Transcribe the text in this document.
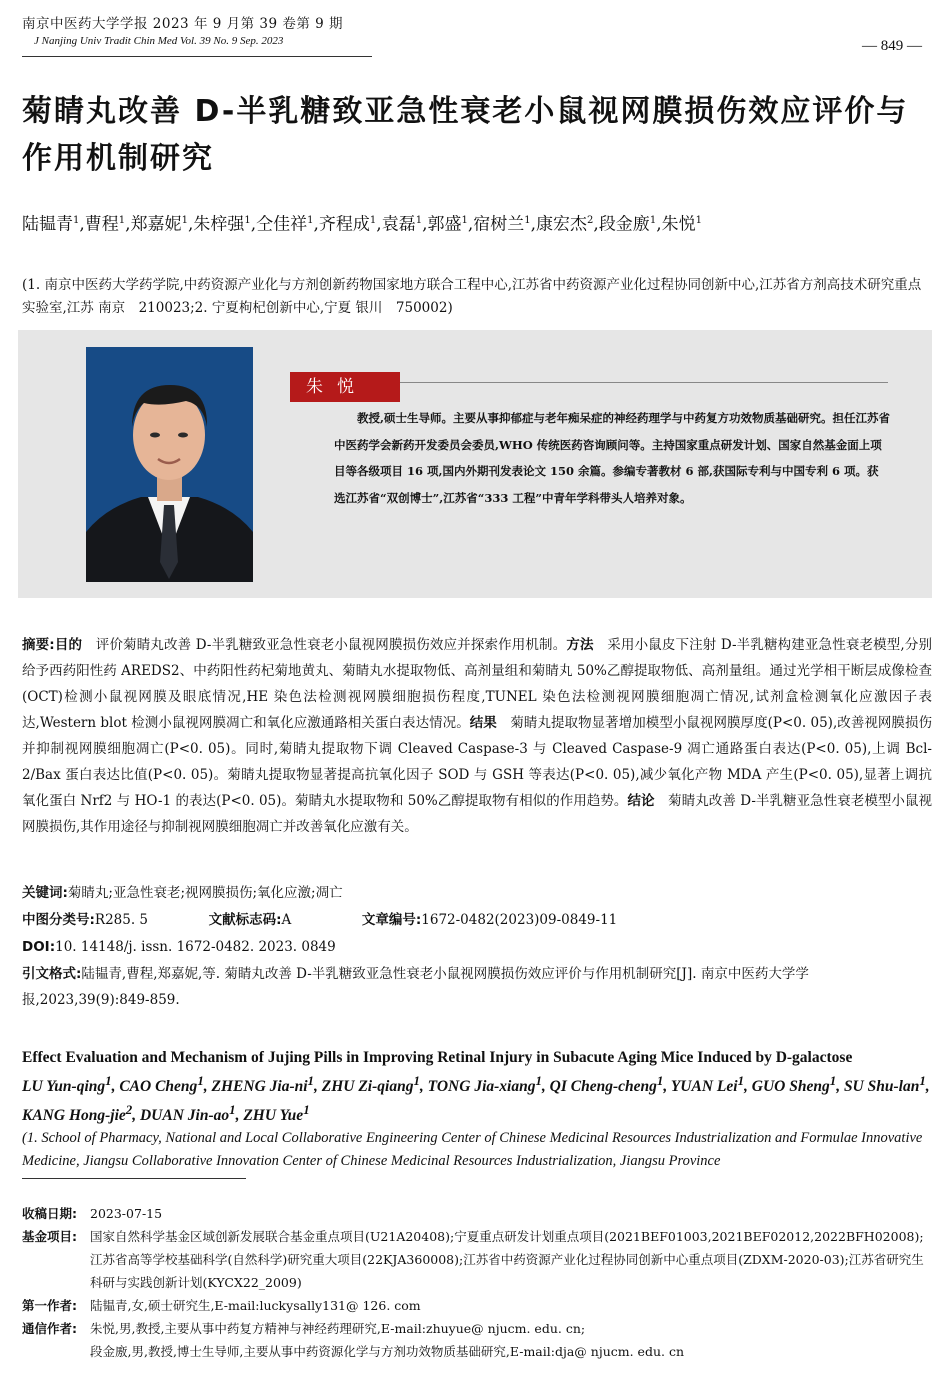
南京中医药大学学报 2023 年 9 月第 39 卷第 9 期
J Nanjing Univ Tradit Chin Med Vol. 39 No. 9 Sep. 2023	— 849 —
菊睛丸改善 D-半乳糖致亚急性衰老小鼠视网膜损伤效应评价与作用机制研究
陆韫青$^1$,曹程$^1$,郑嘉妮$^1$,朱梓强$^1$,仝佳祥$^1$,齐程成$^1$,袁磊$^1$,郭盛$^1$,宿树兰$^1$,康宏杰$^2$,段金廒$^1$,朱悦$^1$
(1. 南京中医药大学药学院,中药资源产业化与方剂创新药物国家地方联合工程中心,江苏省中药资源产业化过程协同创新中心,江苏省方剂高技术研究重点实验室,江苏 南京　210023;2. 宁夏枸杞创新中心,宁夏 银川　750002)
朱悦
教授,硕士生导师。主要从事抑郁症与老年痴呆症的神经药理学与中药复方功效物质基础研究。担任江苏省中医药学会新药开发委员会委员,WHO 传统医药咨询顾问等。主持国家重点研发计划、国家自然基金面上项目等各级项目 16 项,国内外期刊发表论文 150 余篇。参编专著教材 6 部,获国际专利与中国专利 6 项。获选江苏省“双创博士”,江苏省“333 工程”中青年学科带头人培养对象。
摘要:目的　评价菊睛丸改善 D-半乳糖致亚急性衰老小鼠视网膜损伤效应并探索作用机制。方法　采用小鼠皮下注射 D-半乳糖构建亚急性衰老模型,分别给予西药阳性药 AREDS2、中药阳性药杞菊地黄丸、菊睛丸水提取物低、高剂量组和菊睛丸 50%乙醇提取物低、高剂量组。通过光学相干断层成像检查(OCT)检测小鼠视网膜及眼底情况,HE 染色法检测视网膜细胞损伤程度,TUNEL 染色法检测视网膜细胞凋亡情况,试剂盒检测氧化应激因子表达,Western blot 检测小鼠视网膜凋亡和氧化应激通路相关蛋白表达情况。结果　菊睛丸提取物显著增加模型小鼠视网膜厚度(P<0. 05),改善视网膜损伤并抑制视网膜细胞凋亡(P<0. 05)。同时,菊睛丸提取物下调 Cleaved Caspase-3 与 Cleaved Caspase-9 凋亡通路蛋白表达(P<0. 05),上调 Bcl-2/Bax 蛋白表达比值(P<0. 05)。菊睛丸提取物显著提高抗氧化因子 SOD 与 GSH 等表达(P<0. 05),减少氧化产物 MDA 产生(P<0. 05),显著上调抗氧化蛋白 Nrf2 与 HO-1 的表达(P<0. 05)。菊睛丸水提取物和 50%乙醇提取物有相似的作用趋势。结论　菊睛丸改善 D-半乳糖亚急性衰老模型小鼠视网膜损伤,其作用途径与抑制视网膜细胞凋亡并改善氧化应激有关。
关键词:菊睛丸;亚急性衰老;视网膜损伤;氧化应激;凋亡
中图分类号:R285. 5	文献标志码:A	文章编号:1672-0482(2023)09-0849-11
DOI:10. 14148/j. issn. 1672-0482. 2023. 0849
引文格式:陆韫青,曹程,郑嘉妮,等. 菊睛丸改善 D-半乳糖致亚急性衰老小鼠视网膜损伤效应评价与作用机制研究[J]. 南京中医药大学学报,2023,39(9):849-859.
Effect Evaluation and Mechanism of Jujing Pills in Improving Retinal Injury in Subacute Aging Mice Induced by D-galactose
LU Yun-qing$^1$, CAO Cheng$^1$, ZHENG Jia-$ni^1$, ZHU Zi-qiang$^1$, TONG Jia-xiang$^1$, QI Cheng-cheng$^1$, YUAN Lei$^1$, GUO Sheng$^1$, SU Shu-lan$^1$, KANG Hong-jie$^2$, DUAN Jin-$ao^1$, ZHU Yue$^1$
(1. School of Pharmacy, National and Local Collaborative Engineering Center of Chinese Medicinal Resources Industrialization and Formulae Innovative Medicine, Jiangsu Collaborative Innovation Center of Chinese Medicinal Resources Industrialization, Jiangsu Province
收稿日期:	2023-07-15
基金项目:	国家自然科学基金区域创新发展联合基金重点项目(U21A20408);宁夏重点研发计划重点项目(2021BEF01003,2021BEF02012,2022BFH02008);江苏省高等学校基础科学(自然科学)研究重大项目(22KJA360008);江苏省中药资源产业化过程协同创新中心重点项目(ZDXM-2020-03);江苏省研究生科研与实践创新计划(KYCX22_2009)
第一作者:	陆韫青,女,硕士研究生,E-mail:luckysally131@ 126. com
通信作者:	朱悦,男,教授,主要从事中药复方精神与神经药理研究,E-mail:zhuyue@ njucm. edu. cn;
段金廒,男,教授,博士生导师,主要从事中药资源化学与方剂功效物质基础研究,E-mail:dja@ njucm. edu. cn
